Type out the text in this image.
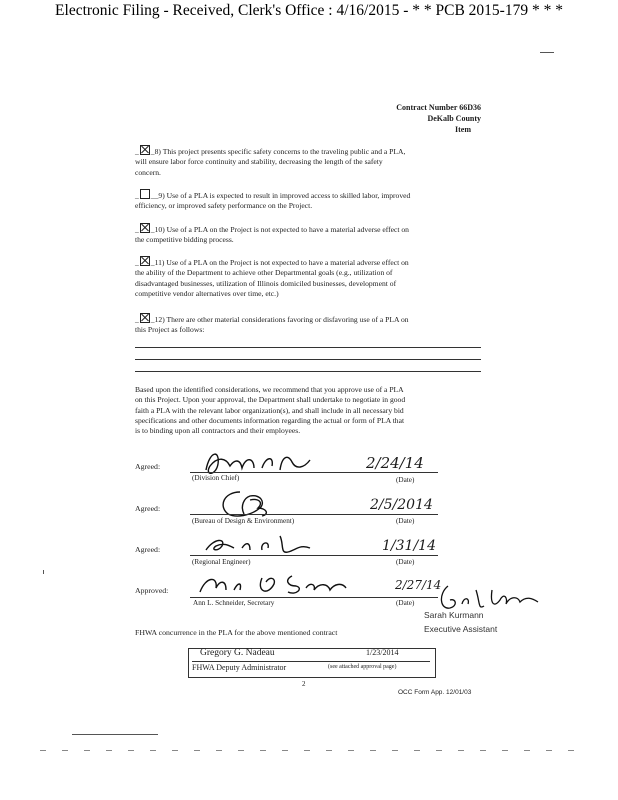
Electronic Filing - Received, Clerk's Office : 4/16/2015 - * * PCB 2015-179 * * *
Contract Number 66D36
DeKalb County
Item
_ _8) This project presents specific safety concerns to the traveling public and a PLA,
will ensure labor force continuity and stability, decreasing the length of the safety
concern.
_ __9) Use of a PLA is expected to result in improved access to skilled labor, improved
efficiency, or improved safety performance on the Project.
_ _10) Use of a PLA on the Project is not expected to have a material adverse effect on
the competitive bidding process.
_ _11) Use of a PLA on the Project is not expected to have a material adverse effect on
the ability of the Department to achieve other Departmental goals (e.g., utilization of
disadvantaged businesses, utilization of Illinois domiciled businesses, development of
competitive vendor alternatives over time, etc.)
_ _12) There are other material considerations favoring or disfavoring use of a PLA on
this Project as follows:
Based upon the identified considerations, we recommend that you approve use of a PLA
on this Project. Upon your approval, the Department shall undertake to negotiate in good
faith a PLA with the relevant labor organization(s), and shall include in all necessary bid
specifications and other documents information regarding the actual or form of PLA that
is to binding upon all contractors and their employees.
Agreed:	2/24/14
(Division Chief)	(Date)
Agreed:	2/5/2014
(Bureau of Design & Environment)	(Date)
Agreed:	1/31/14
(Regional Engineer)	(Date)
Approved:	2/27/14
Ann L. Schneider, Secretary	(Date)
Sarah Kurmann
Executive Assistant
FHWA concurrence in the PLA for the above mentioned contract
Gregory G. Nadeau	1/23/2014
FHWA Deputy Administrator	(see attached approval page)
2
OCC Form App. 12/01/03
